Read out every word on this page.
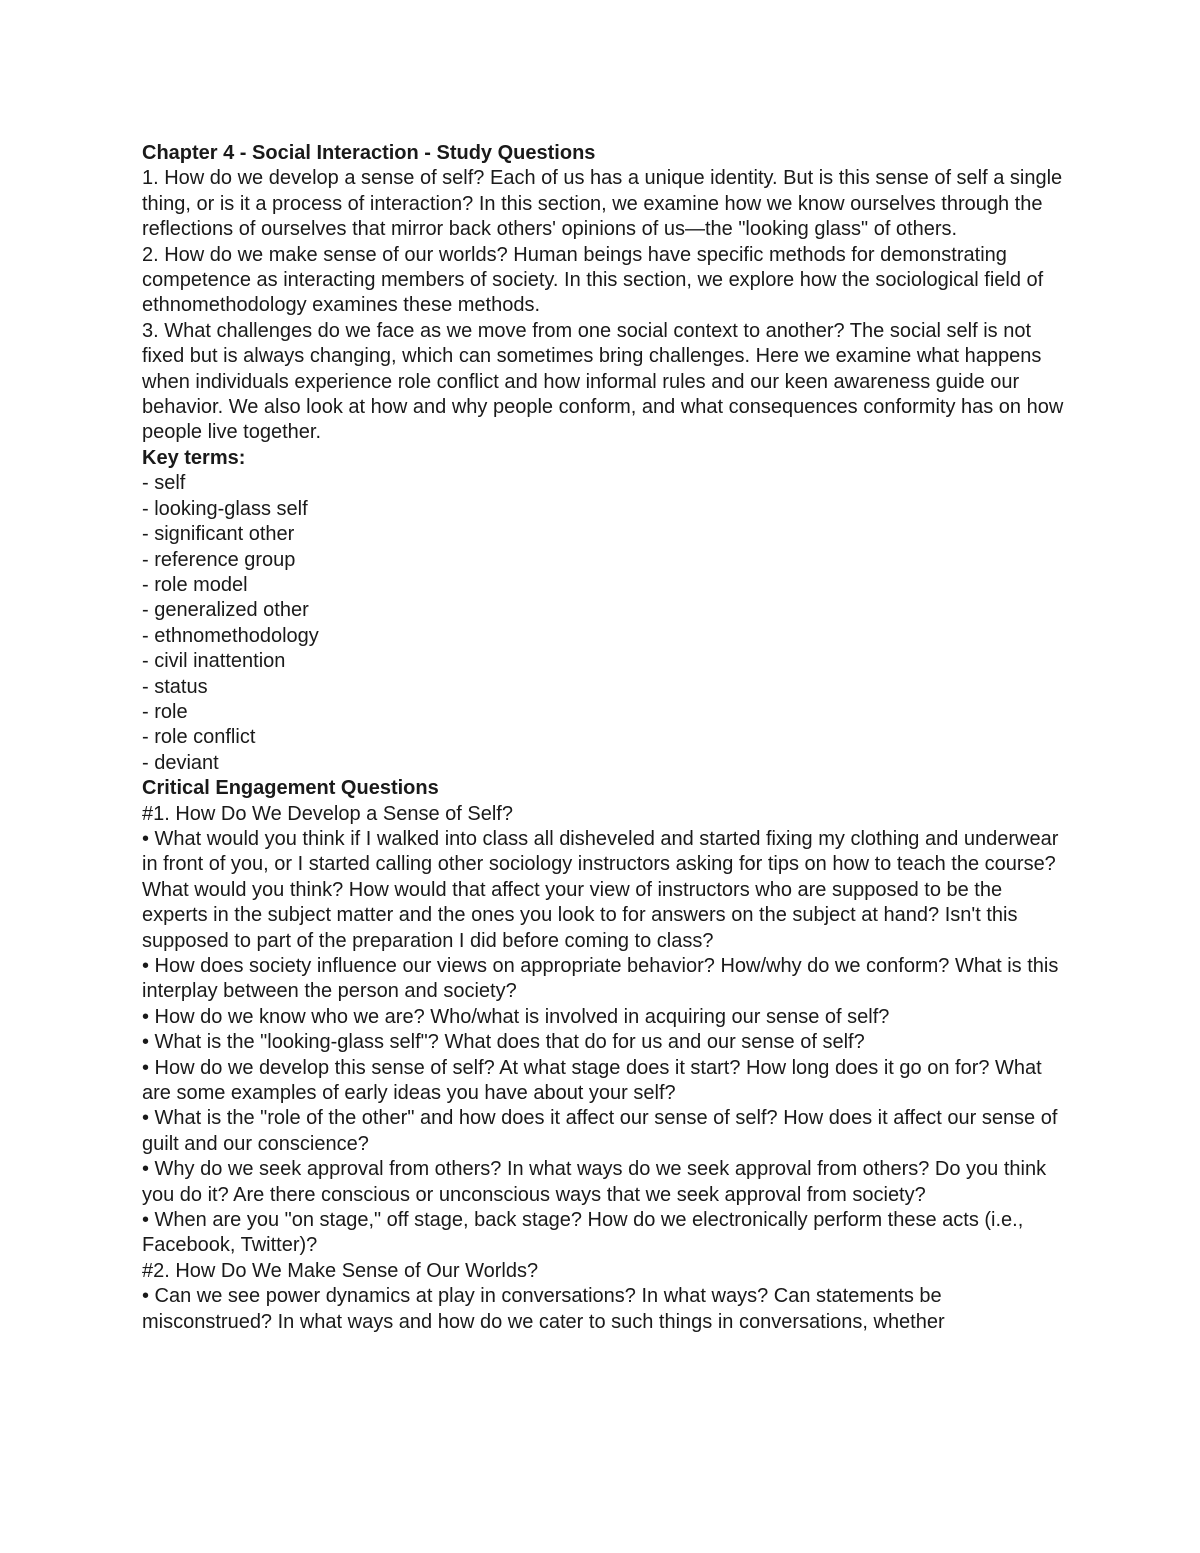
Chapter 4 - Social Interaction - Study Questions
1. How do we develop a sense of self? Each of us has a unique identity. But is this sense of self a single thing, or is it a process of interaction? In this section, we examine how we know ourselves through the reflections of ourselves that mirror back others' opinions of us—the "looking glass" of others.
2. How do we make sense of our worlds? Human beings have specific methods for demonstrating competence as interacting members of society. In this section, we explore how the sociological field of ethnomethodology examines these methods.
3. What challenges do we face as we move from one social context to another? The social self is not fixed but is always changing, which can sometimes bring challenges. Here we examine what happens when individuals experience role conflict and how informal rules and our keen awareness guide our behavior. We also look at how and why people conform, and what consequences conformity has on how people live together.
Key terms:
- self
- looking-glass self
- significant other
- reference group
- role model
- generalized other
- ethnomethodology
- civil inattention
- status
- role
- role conflict
- deviant
Critical Engagement Questions
#1. How Do We Develop a Sense of Self?
• What would you think if I walked into class all disheveled and started fixing my clothing and underwear in front of you, or I started calling other sociology instructors asking for tips on how to teach the course? What would you think? How would that affect your view of instructors who are supposed to be the experts in the subject matter and the ones you look to for answers on the subject at hand? Isn't this supposed to part of the preparation I did before coming to class?
• How does society influence our views on appropriate behavior? How/why do we conform? What is this interplay between the person and society?
• How do we know who we are? Who/what is involved in acquiring our sense of self?
• What is the "looking-glass self"? What does that do for us and our sense of self?
• How do we develop this sense of self? At what stage does it start? How long does it go on for? What are some examples of early ideas you have about your self?
• What is the "role of the other" and how does it affect our sense of self? How does it affect our sense of guilt and our conscience?
• Why do we seek approval from others? In what ways do we seek approval from others? Do you think you do it? Are there conscious or unconscious ways that we seek approval from society?
• When are you "on stage," off stage, back stage? How do we electronically perform these acts (i.e., Facebook, Twitter)?
#2. How Do We Make Sense of Our Worlds?
• Can we see power dynamics at play in conversations? In what ways? Can statements be misconstrued? In what ways and how do we cater to such things in conversations, whether
